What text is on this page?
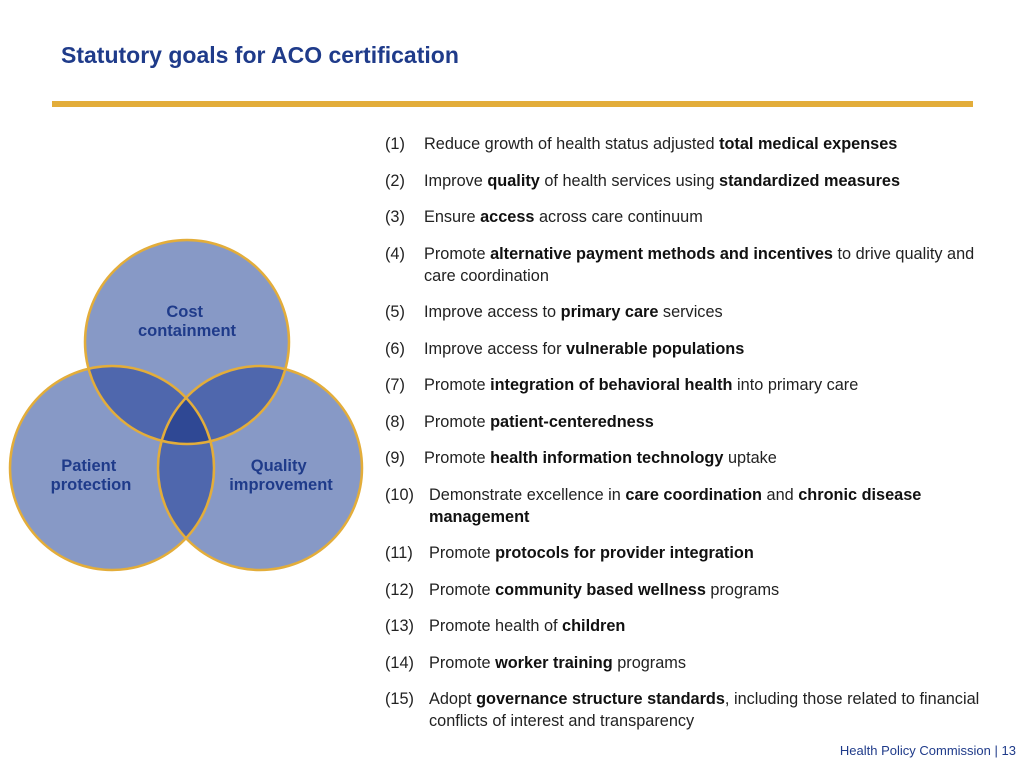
Statutory goals for ACO certification
Cost containment
Patient protection
Quality improvement
(1)	Reduce growth of health status adjusted total medical expenses
(2)	Improve quality of health services using standardized measures
(3)	Ensure access across care continuum
(4)	Promote alternative payment methods and incentives to drive quality and care coordination
(5)	Improve access to primary care services
(6)	Improve access for vulnerable populations
(7)	Promote integration of behavioral health into primary care
(8)	Promote patient-centeredness
(9)	Promote health information technology uptake
(10) Demonstrate excellence in care coordination and chronic disease management
(11) Promote protocols for provider integration
(12) Promote community based wellness programs
(13) Promote health of children
(14) Promote worker training programs
(15) Adopt governance structure standards, including those related to financial conflicts of interest and transparency
Health Policy Commission | 13
